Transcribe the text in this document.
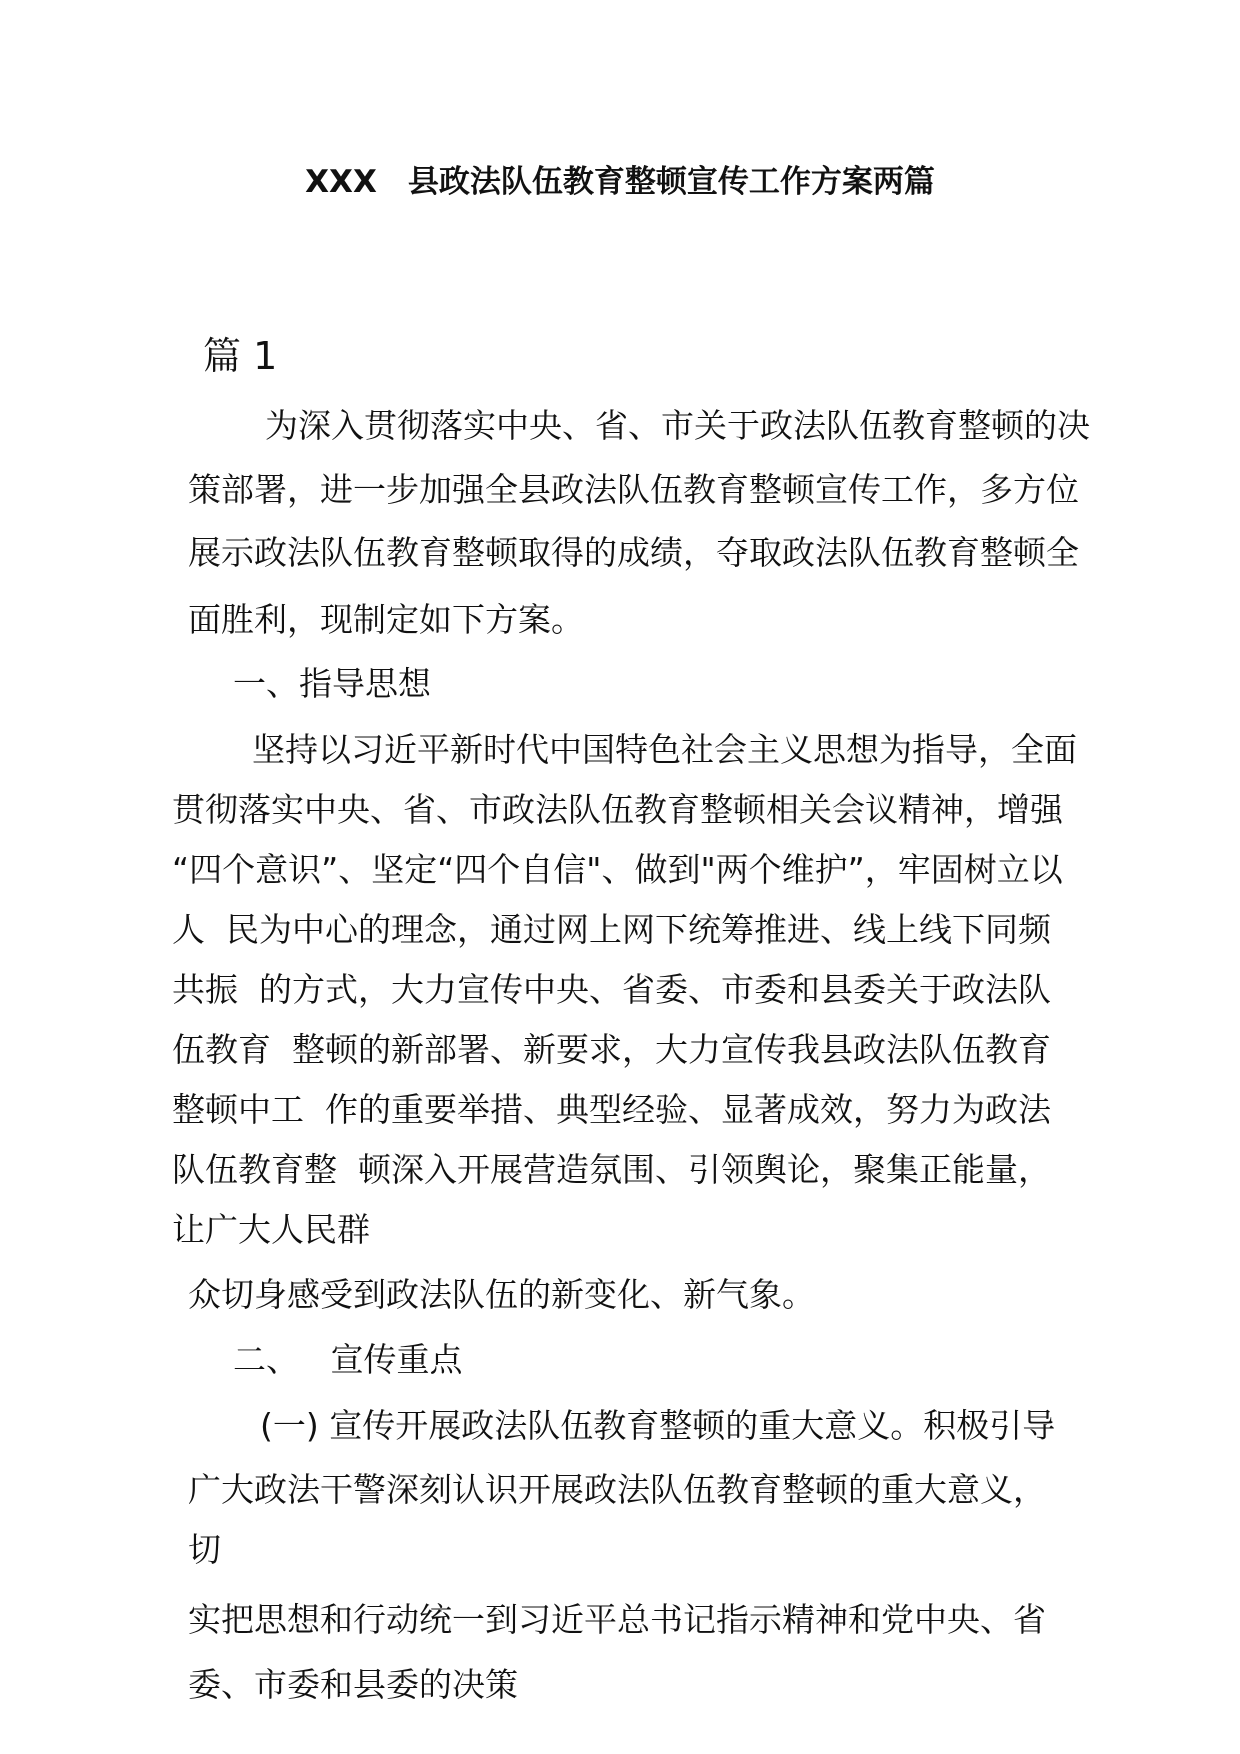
XXX　县政法队伍教育整顿宣传工作方案两篇
篇 1
为深入贯彻落实中央、省、市关于政法队伍教育整顿的决
策部署，进一步加强全县政法队伍教育整顿宣传工作，多方位
展示政法队伍教育整顿取得的成绩，夺取政法队伍教育整顿全
面胜利，现制定如下方案。
一、指导思想
坚持以习近平新时代中国特色社会主义思想为指导，全面
贯彻落实中央、省、市政法队伍教育整顿相关会议精神，增强
“四个意识”、坚定“四个自信"、做到"两个维护”，牢固树立以
人  民为中心的理念，通过网上网下统筹推进、线上线下同频
共振  的方式，大力宣传中央、省委、市委和县委关于政法队
伍教育  整顿的新部署、新要求，大力宣传我县政法队伍教育
整顿中工  作的重要举措、典型经验、显著成效，努力为政法
队伍教育整  顿深入开展营造氛围、引领舆论，聚集正能量，
让广大人民群
众切身感受到政法队伍的新变化、新气象。
二、   宣传重点
(一) 宣传开展政法队伍教育整顿的重大意义。积极引导
广大政法干警深刻认识开展政法队伍教育整顿的重大意义，
切
实把思想和行动统一到习近平总书记指示精神和党中央、省
委、市委和县委的决策
